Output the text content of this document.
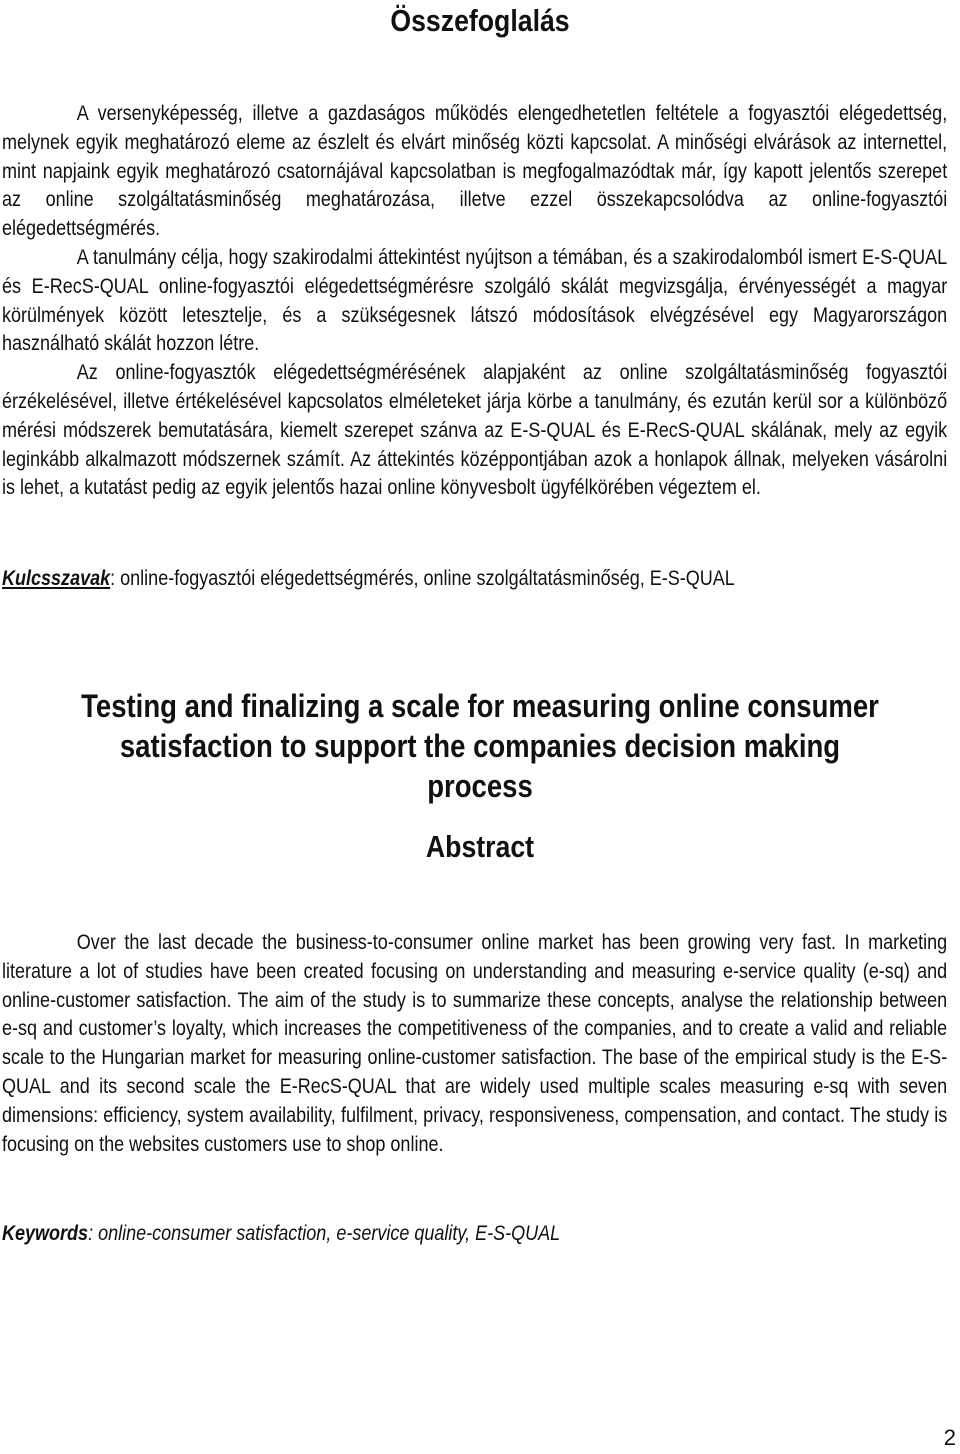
Összefoglalás

A versenyképesség, illetve a gazdaságos működés elengedhetetlen feltétele a fogyasztói elégedettség, melynek egyik meghatározó eleme az észlelt és elvárt minőség közti kapcsolat. A minőségi elvárások az internettel, mint napjaink egyik meghatározó csatornájával kapcsolatban is megfogalmazódtak már, így kapott jelentős szerepet az online szolgáltatásminőség meghatározása, illetve ezzel összekapcsolódva az online-fogyasztói elégedettségmérés.

A tanulmány célja, hogy szakirodalmi áttekintést nyújtson a témában, és a szakirodalomból ismert E-S-QUAL és E-RecS-QUAL online-fogyasztói elégedettségmérésre szolgáló skálát megvizsgálja, érvényességét a magyar körülmények között letesztelje, és a szükségesnek látszó módosítások elvégzésével egy Magyarországon használható skálát hozzon létre.

Az online-fogyasztók elégedettségmérésének alapjaként az online szolgáltatásminőség fogyasztói érzékelésével, illetve értékelésével kapcsolatos elméleteket járja körbe a tanulmány, és ezután kerül sor a különböző mérési módszerek bemutatására, kiemelt szerepet szánva az E-S-QUAL és E-RecS-QUAL skálának, mely az egyik leginkább alkalmazott módszernek számít. Az áttekintés középpontjában azok a honlapok állnak, melyeken vásárolni is lehet, a kutatást pedig az egyik jelentős hazai online könyvesbolt ügyfélkörében végeztem el.

Kulcsszavak: online-fogyasztói elégedettségmérés, online szolgáltatásminőség, E-S-QUAL
Testing and finalizing a scale for measuring online consumer
satisfaction to support the companies decision making process
Abstract

Over the last decade the business-to-consumer online market has been growing very fast. In marketing literature a lot of studies have been created focusing on understanding and measuring e-service quality (e-sq) and online-customer satisfaction. The aim of the study is to summarize these concepts, analyse the relationship between e-sq and customer’s loyalty, which increases the competitiveness of the companies, and to create a valid and reliable scale to the Hungarian market for measuring online-customer satisfaction. The base of the empirical study is the E-S-QUAL and its second scale the E-RecS-QUAL that are widely used multiple scales measuring e-sq with seven dimensions: efficiency, system availability, fulfilment, privacy, responsiveness, compensation, and contact. The study is focusing on the websites customers use to shop online.

Keywords: online-consumer satisfaction, e-service quality, E-S-QUAL
2
